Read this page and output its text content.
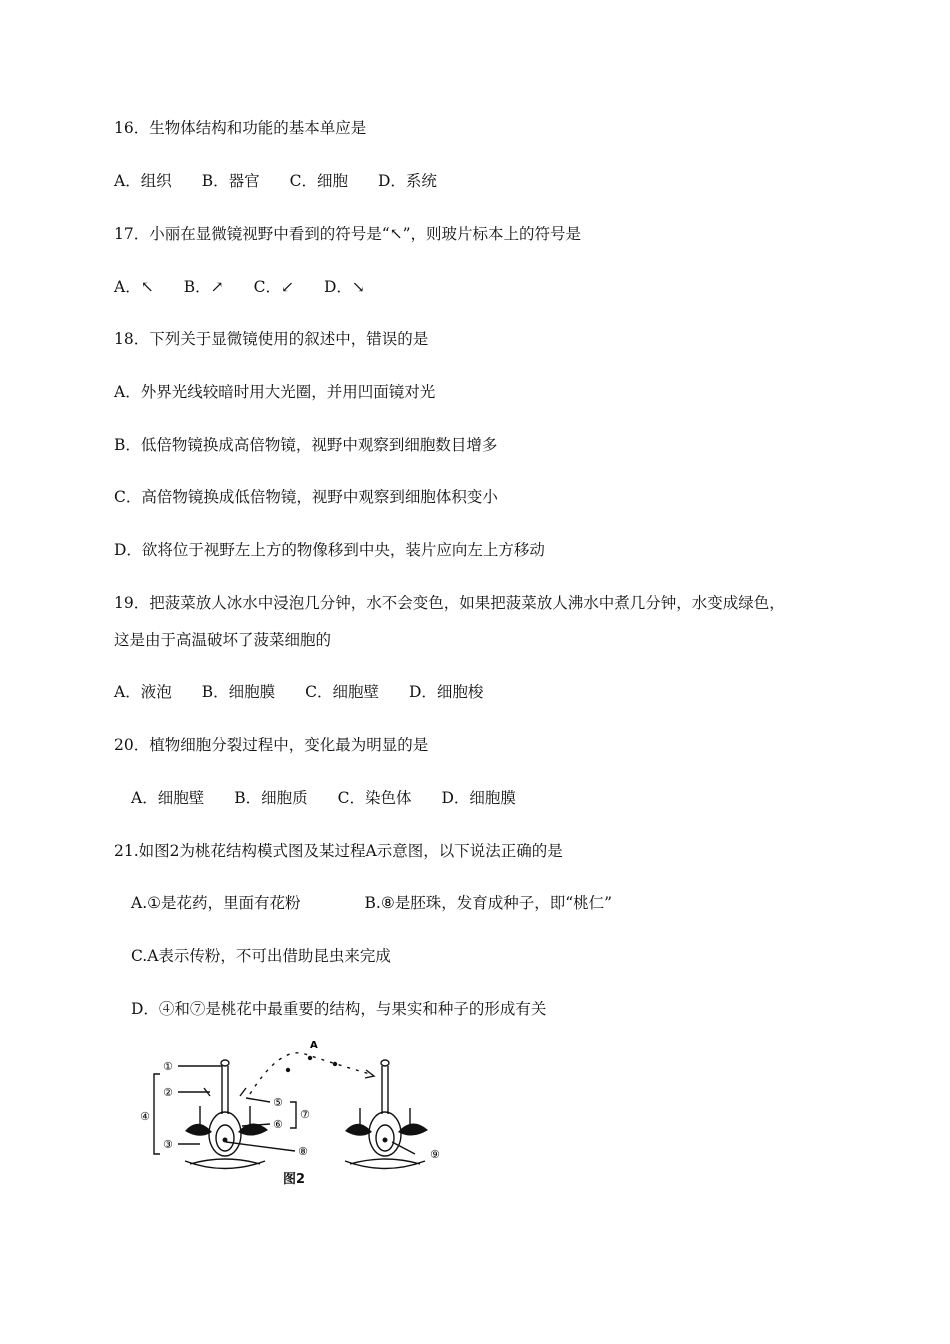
16．生物体结构和功能的基本单应是
A．组织 B．器官 C．细胞 D．系统
17．小丽在显微镜视野中看到的符号是“↖”，则玻片标本上的符号是
A．↖ B．↗ C．↙ D．↘
18．下列关于显微镜使用的叙述中，错误的是
A．外界光线较暗时用大光圈，并用凹面镜对光
B．低倍物镜换成高倍物镜，视野中观察到细胞数目增多
C．高倍物镜换成低倍物镜，视野中观察到细胞体积变小
D．欲将位于视野左上方的物像移到中央，装片应向左上方移动
19．把菠菜放人冰水中浸泡几分钟，水不会变色，如果把菠菜放人沸水中煮几分钟，水变成绿色，
这是由于高温破坏了菠菜细胞的
A．液泡 B．细胞膜 C．细胞壁 D．细胞梭
20．植物细胞分裂过程中，变化最为明显的是
A．细胞壁 B．细胞质 C．染色体 D．细胞膜
21.如图2为桃花结构模式图及某过程A示意图，以下说法正确的是
A.①是花药，里面有花粉	B.⑧是胚珠，发育成种子，即“桃仁”
C.A表示传粉，不可出借助昆虫来完成
D．④和⑦是桃花中最重要的结构，与果实和种子的形成有关
A
①
②
③
④
⑤
⑥
⑦
⑧	⑨
图2
